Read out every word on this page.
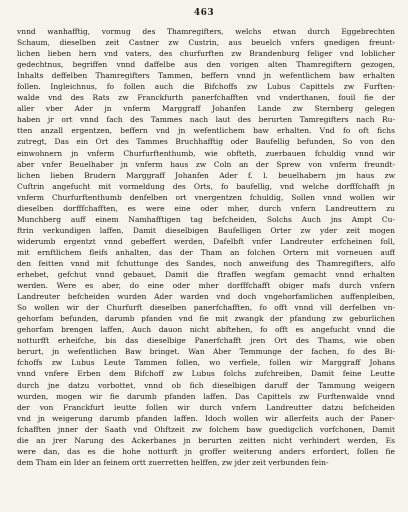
463
vnnd wanhafftig, vormug des Thamregifters, welchs etwan durch Eggebrechten
Schaum, dieselben zeit Castner zw Custrin, aus beuelch vnfers gnedigen freunt-
lichen lieben hern vnd vaters, des churfurften zw Brandenburg feliger vnd loblicher
gedechtnus, begriffen vnnd daffelbe aus den vorigen alten Thamregiftern gezogen,
Inhalts deffelben Thamregifters Tammen, beffern vnnd jn wefentlichem baw erhalten
follen. Ingleichnus, fo follen auch die Bifchoffs zw Lubus Capittels zw Furften-
walde vnd des Rats zw Franckfurth panerfchafften vnd vnderthanen, fouil fie der
aller vber Ader jn vnferm Marggraff Johanfen Lande zw Sternberg gelegen
haben jr ort vnnd fach des Tammes nach laut des berurten Tamregifters nach Ru-
tten anzall ergentzen, beffern vnd jn wefentlichem baw erhalten. Vnd fo oft fichs
zutregt, Das ein Ort des Tammes Bruchhafftig oder Baufellig befunden, So von den
einwohnern jn vnferm Churfurftenthumb, wie obfteth, zuerbauen fchuldig vnnd wir
aber vnfer Beuelhaber jn vnferm haus zw Coln an der Sprew von vnferm freundt-
lichen lieben Brudern Marggraff Johanfen Ader f. l. beuelhabern jm haus zw
Cuftrin angefucht mit vormeldung des Orts, fo baufellig, vnd welche dorfffchafft jn
vnferm Churfurftenthumb denfelben ort vnergentzen fchuldig, Sollen vnnd wollen wir
dieselben dorfffchafften, es were eine oder mher, durch vnfern Landreuttern zu
Munchberg auff einem Namhafftigen tag befcheiden, Solchs Auch jns Ampt Cu-
ftrin verkundigen laffen, Damit dieselbigen Baufelligen Orter zw yder zeit mogen
widerumb ergentzt vnnd gebeffert werden, Dafelbft vnfer Landreuter erfcheinen foll,
mit ernftlichem fleifs anhalten, das der Tham an folchen Ortern mit vorneuen auff
den feitten vnnd mit fchuttunge des Sandes, noch anweifung des Thamregifters, alfo
erhebet, gefchut vnnd gebauet, Damit die ftraffen wegfam gemacht vnnd erhalten
werden. Were es aber, do eine oder mher dorfffchafft obiger mafs durch vnfern
Landreuter befcheiden wurden Ader warden vnd doch vngehorfamlichen auffenpleiben,
So wollen wir der Churfurft dieselben panerfchafften, fo offt vnnd vill derfelben vn-
gehorfam befunden, darumb pfanden vnd fie mit zwangk der pfandung zw geburlichen
gehorfam brengen laffen, Auch dauon nicht abftehen, fo offt es angefucht vnnd die
notturfft erheifche, bis das dieselbige Panerfchafft jren Ort des Thams, wie oben
berurt, jn wefentlichen Baw bringet. Wan Aber Temmunge der fachen, fo des Bi-
fchoffs zw Lubus Leute Tammen follen, wo verfiele, follen wir Marggraff Johans
vnnd vnfere Erben dem Bifchoff zw Lubus folchs zufchreiben, Damit feine Leutte
durch jne datzu vorbottet, vnnd ob fich dieselbigen daruff der Tammung weigern
wurden, mogen wir fie darumb pfanden laffen. Das Capittels zw Furftenwalde vnnd
der von Franckfurt leutte follen wir durch vnfern Landreutter datzu befcheiden
vnd jn weigerung darumb pfanden laffen. Idoch wollen wir allerfeits auch der Paner-
fchafften jnner der Saath vnd Ohftzeit zw folchem baw guedigclich vorfchonen, Damit
die an jrer Narung des Ackerbanes jn berurten zeitten nicht verhindert werden, Es
were dan, das es die hohe notturft jn groffer weiterung anders erfordert, follen fie
dem Tham ein Ider an feinem ortt zuerretten helffen, zw jder zeit verbunden fein-
